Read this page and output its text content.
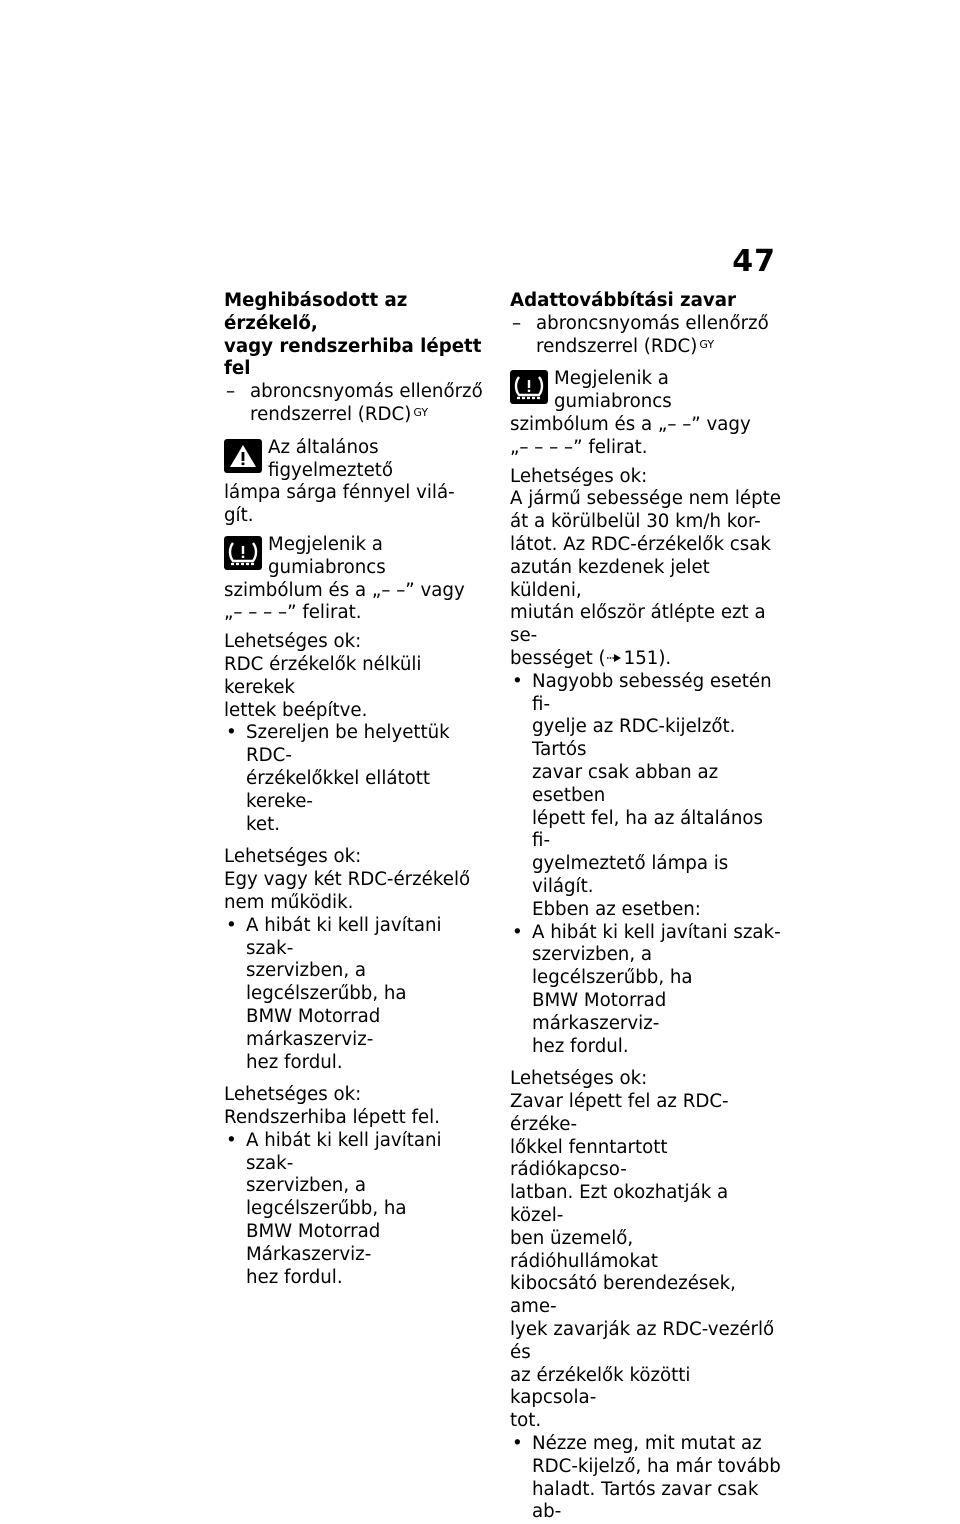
47

Meghibásodott az érzékelő,
vagy rendszerhiba lépett fel

– abroncsnyomás ellenőrző
rendszerrel (RDC) $^{GY}$
Az általános figyelmeztető
lámpa sárga fénnyel vilá-
gít.
Megjelenik a gumiabroncs
szimbólum és a „– –” vagy
„– – – –” felirat.

Lehetséges ok:

RDC érzékelők nélküli kerekek
lettek beépítve.

• Szereljen be helyettük RDC-
érzékelőkkel ellátott kereke-
ket.

Lehetséges ok:

Egy vagy két RDC-érzékelő
nem működik.

• A hibát ki kell javítani szak-
szervizben, a legcélszerűbb, ha
BMW Motorrad márkaszerviz-
hez fordul.

Lehetséges ok:

Rendszerhiba lépett fel.

• A hibát ki kell javítani szak-
szervizben, a legcélszerűbb, ha
BMW Motorrad Márkaszerviz-
hez fordul.

Adattovábbítási zavar

– abroncsnyomás ellenőrző
rendszerrel (RDC) $^{GY}$
Megjelenik a gumiabroncs
szimbólum és a „– –” vagy
„– – – –” felirat.

Lehetséges ok:

A jármű sebessége nem lépte
át a körülbelül 30 km/h kor-
látot. Az RDC-érzékelők csak
azután kezdenek jelet küldeni,
miután először átlépte ezt a se-
bességet ( 151).

• Nagyobb sebesség esetén fi-
gyelje az RDC-kijelzőt. Tartós
zavar csak abban az esetben
lépett fel, ha az általános fi-
gyelmeztető lámpa is világít.
Ebben az esetben:
• A hibát ki kell javítani szak-
szervizben, a legcélszerűbb, ha
BMW Motorrad márkaszerviz-
hez fordul.

Lehetséges ok:

Zavar lépett fel az RDC-érzéke-
lőkkel fenntartott rádiókapcso-
latban. Ezt okozhatják a közel-
ben üzemelő, rádióhullámokat
kibocsátó berendezések, ame-
lyek zavarják az RDC-vezérlő és
az érzékelők közötti kapcsola-
tot.

• Nézze meg, mit mutat az
RDC-kijelző, ha már tovább
haladt. Tartós zavar csak ab-
